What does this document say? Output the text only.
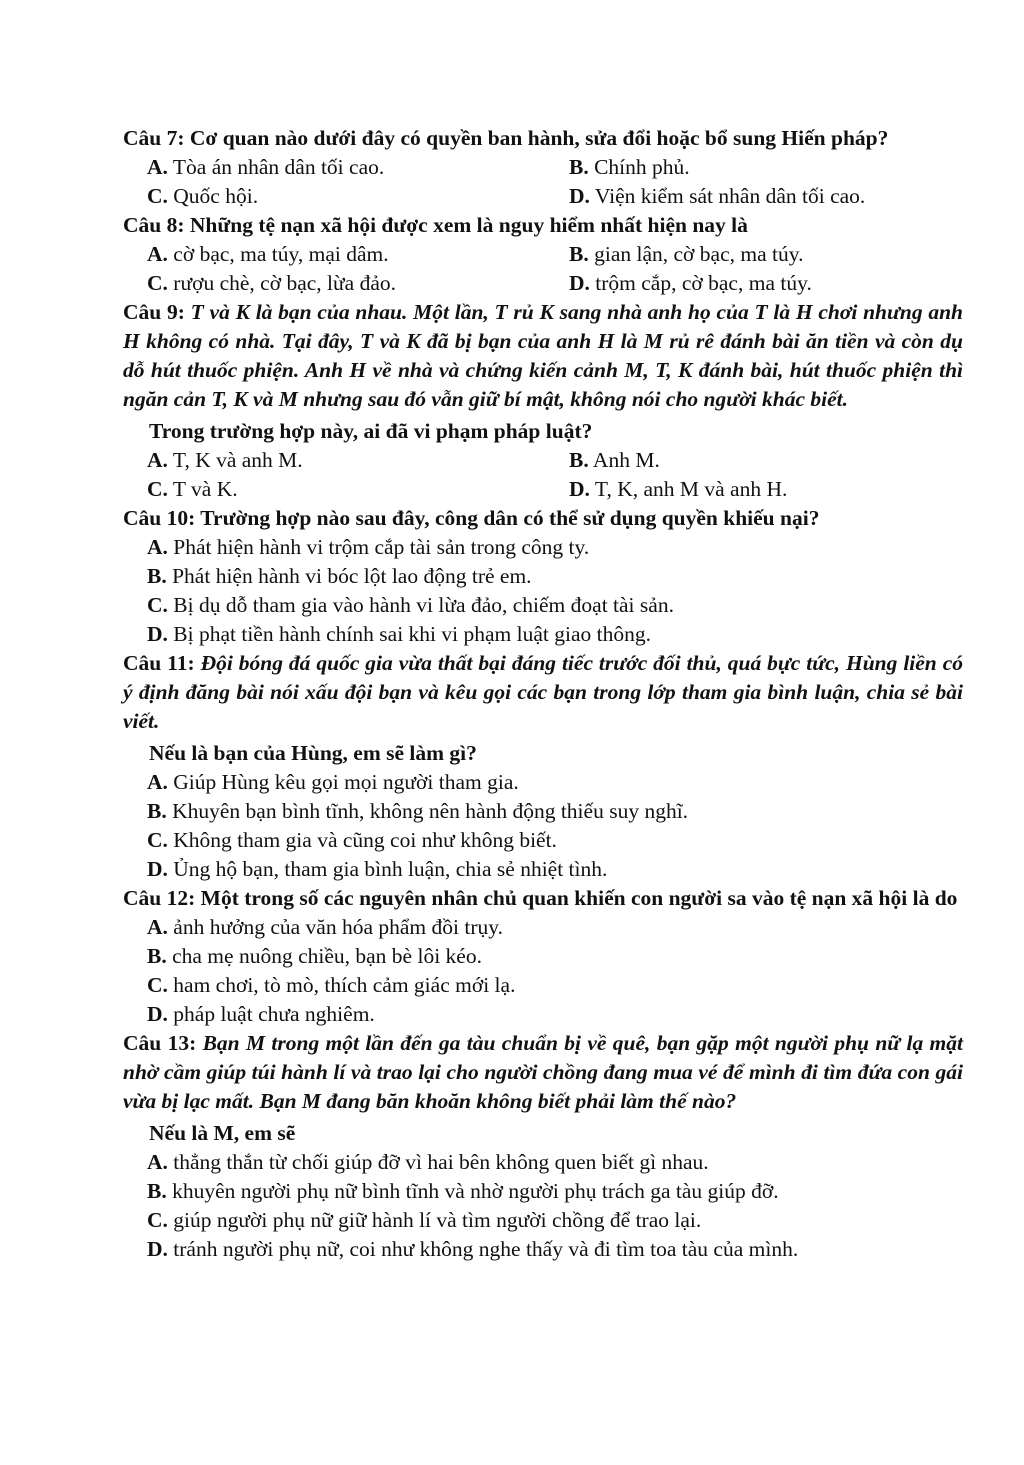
Câu 7: Cơ quan nào dưới đây có quyền ban hành, sửa đổi hoặc bổ sung Hiến pháp?
A. Tòa án nhân dân tối cao.	B. Chính phủ.
C. Quốc hội.	D. Viện kiểm sát nhân dân tối cao.
Câu 8: Những tệ nạn xã hội được xem là nguy hiểm nhất hiện nay là
A. cờ bạc, ma túy, mại dâm.	B. gian lận, cờ bạc, ma túy.
C. rượu chè, cờ bạc, lừa đảo.	D. trộm cắp, cờ bạc, ma túy.
Câu 9: T và K là bạn của nhau. Một lần, T rủ K sang nhà anh họ của T là H chơi nhưng anh H không có nhà. Tại đây, T và K đã bị bạn của anh H là M rủ rê đánh bài ăn tiền và còn dụ dỗ hút thuốc phiện. Anh H về nhà và chứng kiến cảnh M, T, K đánh bài, hút thuốc phiện thì ngăn cản T, K và M nhưng sau đó vẫn giữ bí mật, không nói cho người khác biết.
Trong trường hợp này, ai đã vi phạm pháp luật?
A. T, K và anh M.	B. Anh M.
C. T và K.	D. T, K, anh M và anh H.
Câu 10: Trường hợp nào sau đây, công dân có thể sử dụng quyền khiếu nại?
A. Phát hiện hành vi trộm cắp tài sản trong công ty.
B. Phát hiện hành vi bóc lột lao động trẻ em.
C. Bị dụ dỗ tham gia vào hành vi lừa đảo, chiếm đoạt tài sản.
D. Bị phạt tiền hành chính sai khi vi phạm luật giao thông.
Câu 11: Đội bóng đá quốc gia vừa thất bại đáng tiếc trước đối thủ, quá bực tức, Hùng liền có ý định đăng bài nói xấu đội bạn và kêu gọi các bạn trong lớp tham gia bình luận, chia sẻ bài viết.
Nếu là bạn của Hùng, em sẽ làm gì?
A. Giúp Hùng kêu gọi mọi người tham gia.
B. Khuyên bạn bình tĩnh, không nên hành động thiếu suy nghĩ.
C. Không tham gia và cũng coi như không biết.
D. Ủng hộ bạn, tham gia bình luận, chia sẻ nhiệt tình.
Câu 12: Một trong số các nguyên nhân chủ quan khiến con người sa vào tệ nạn xã hội là do
A. ảnh hưởng của văn hóa phẩm đồi trụy.
B. cha mẹ nuông chiều, bạn bè lôi kéo.
C. ham chơi, tò mò, thích cảm giác mới lạ.
D. pháp luật chưa nghiêm.
Câu 13: Bạn M trong một lần đến ga tàu chuẩn bị về quê, bạn gặp một người phụ nữ lạ mặt nhờ cầm giúp túi hành lí và trao lại cho người chồng đang mua vé để mình đi tìm đứa con gái vừa bị lạc mất. Bạn M đang băn khoăn không biết phải làm thế nào?
Nếu là M, em sẽ
A. thẳng thắn từ chối giúp đỡ vì hai bên không quen biết gì nhau.
B. khuyên người phụ nữ bình tĩnh và nhờ người phụ trách ga tàu giúp đỡ.
C. giúp người phụ nữ giữ hành lí và tìm người chồng để trao lại.
D. tránh người phụ nữ, coi như không nghe thấy và đi tìm toa tàu của mình.
